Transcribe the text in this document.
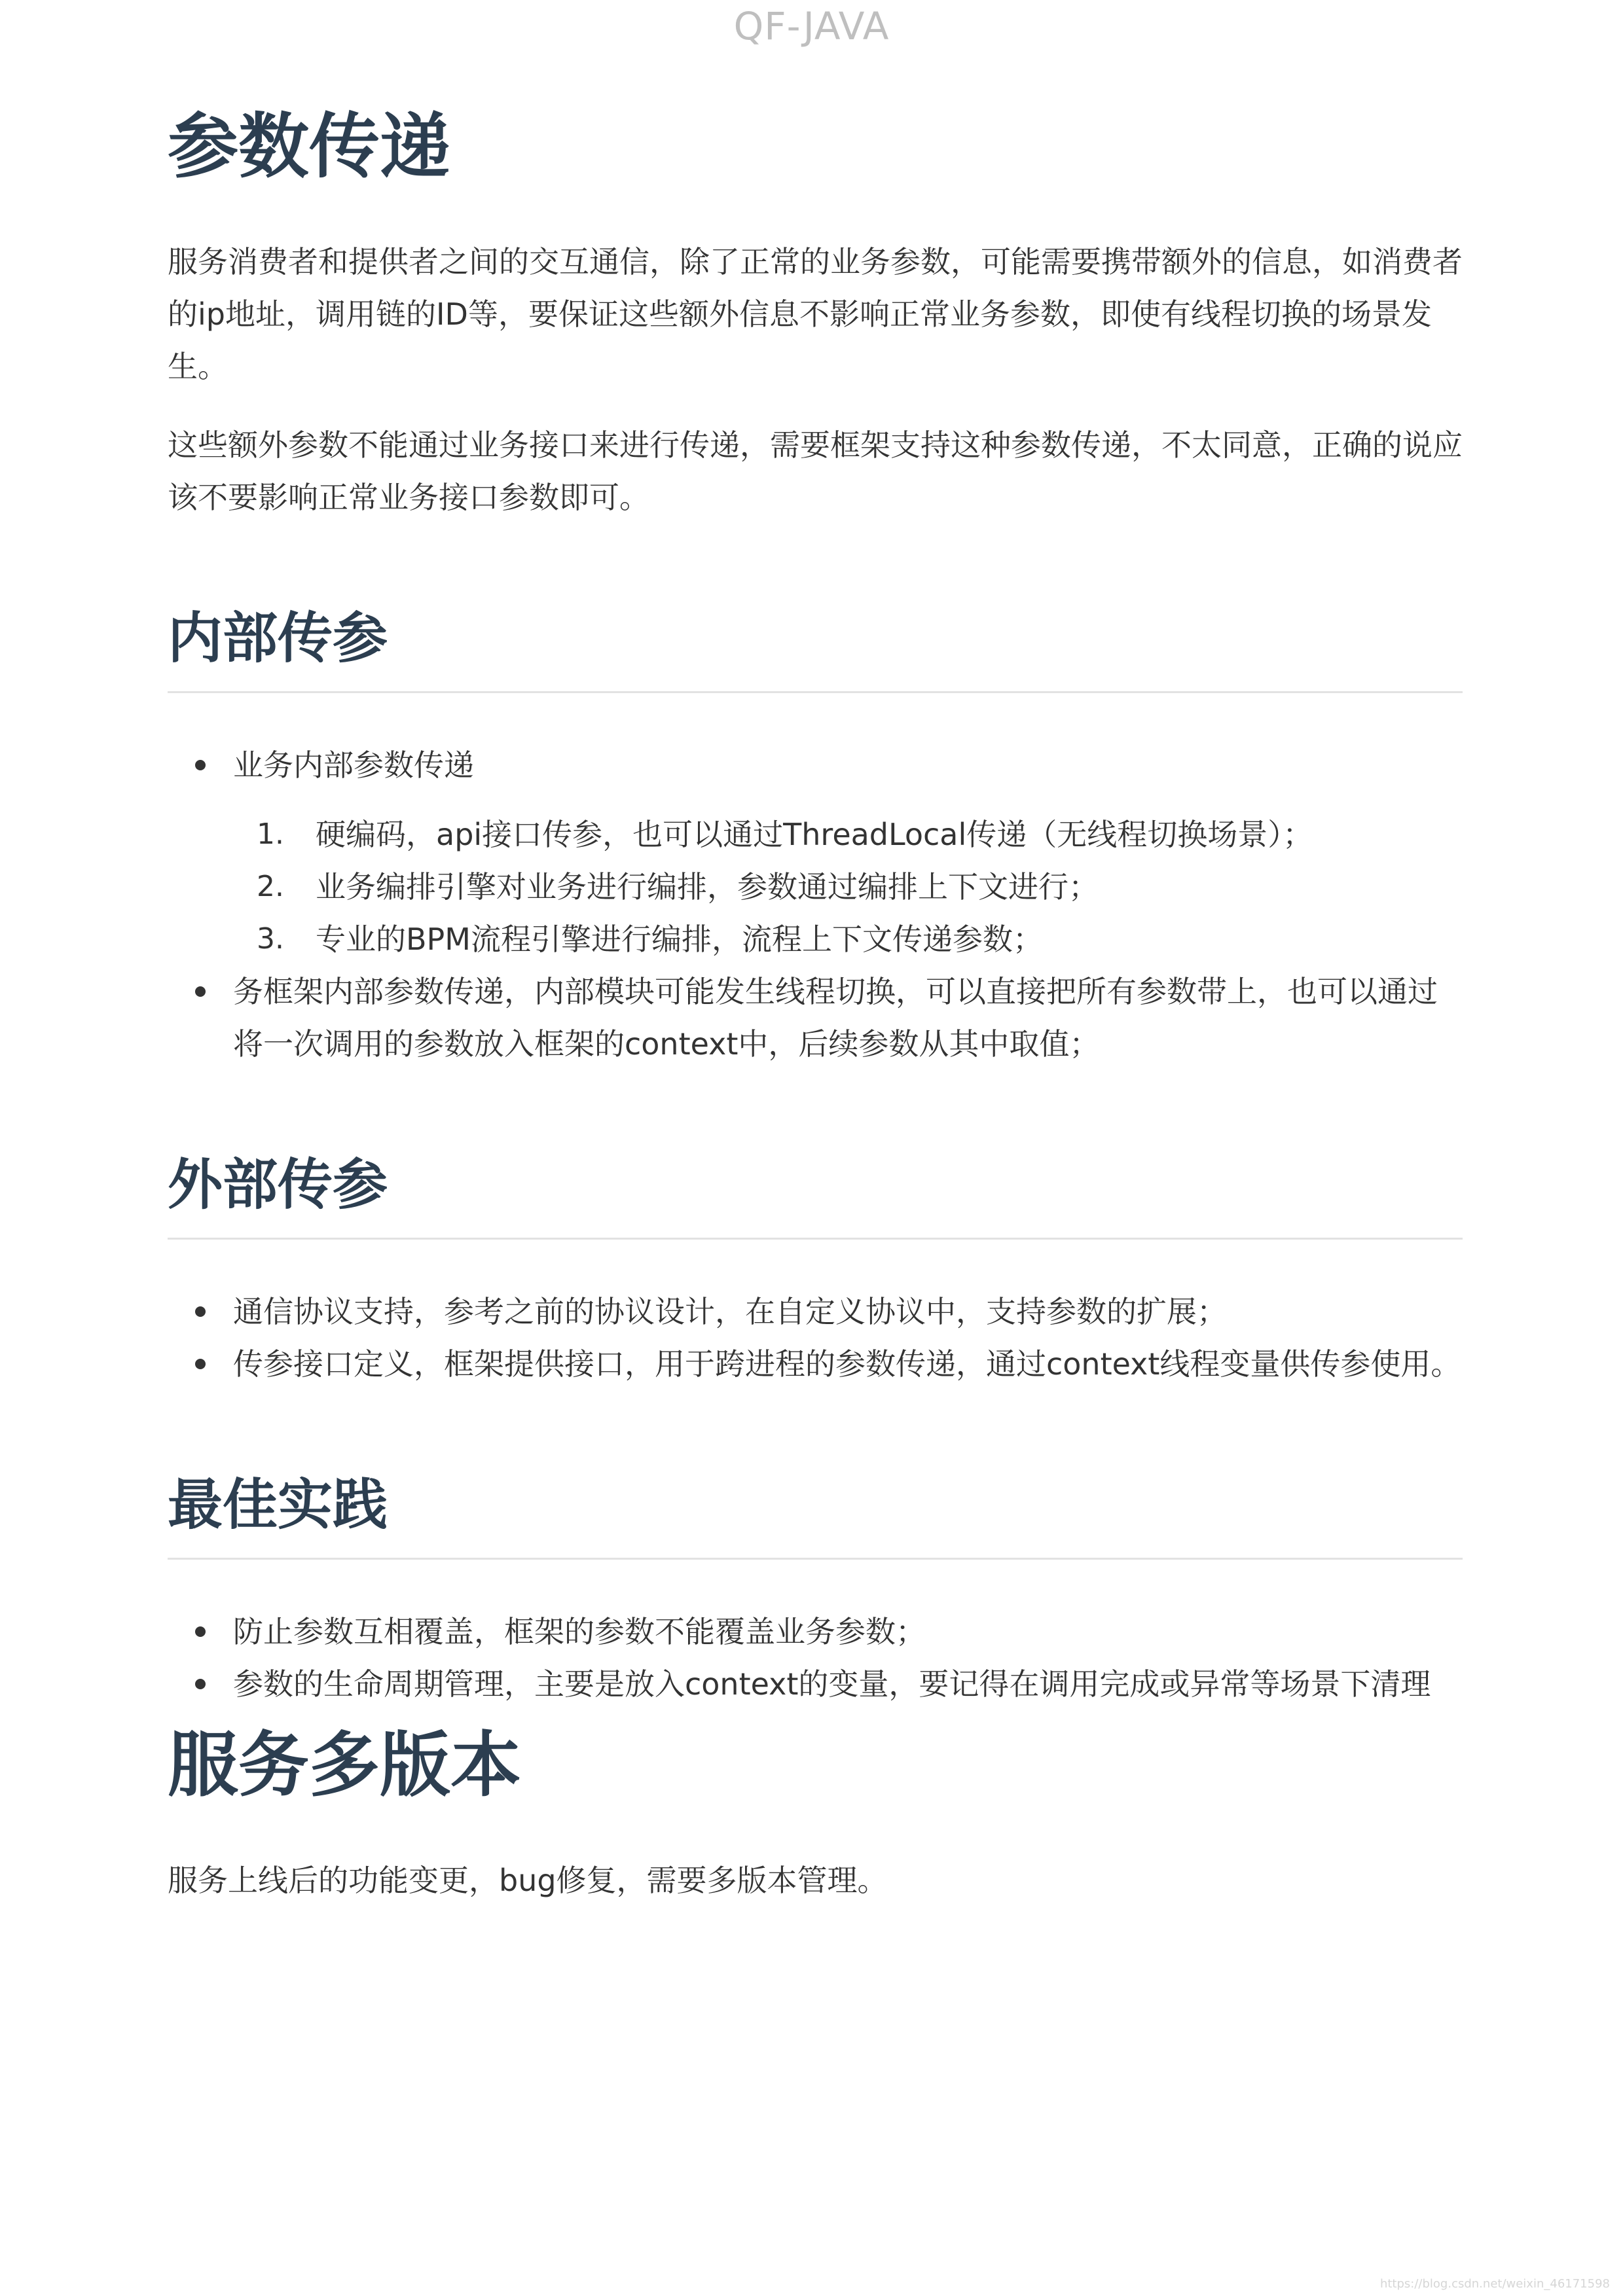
QF-JAVA
参数传递

服务消费者和提供者之间的交互通信，除了正常的业务参数，可能需要携带额外的信息，如消费者的ip地址，调用链的ID等，要保证这些额外信息不影响正常业务参数，即使有线程切换的场景发生。

这些额外参数不能通过业务接口来进行传递，需要框架支持这种参数传递，不太同意，正确的说应该不要影响正常业务接口参数即可。

内部传参
业务内部参数传递
1. 硬编码，api接口传参，也可以通过ThreadLocal传递（无线程切换场景）；
2. 业务编排引擎对业务进行编排，参数通过编排上下文进行；
3. 专业的BPM流程引擎进行编排，流程上下文传递参数；
务框架内部参数传递，内部模块可能发生线程切换，可以直接把所有参数带上，也可以通过将一次调用的参数放入框架的context中，后续参数从其中取值；
外部传参
通信协议支持，参考之前的协议设计，在自定义协议中，支持参数的扩展；
传参接口定义，框架提供接口，用于跨进程的参数传递，通过context线程变量供传参使用。
最佳实践
防止参数互相覆盖，框架的参数不能覆盖业务参数；
参数的生命周期管理，主要是放入context的变量，要记得在调用完成或异常等场景下清理
服务多版本

服务上线后的功能变更，bug修复，需要多版本管理。

https://blog.csdn.net/weixin_46171598
